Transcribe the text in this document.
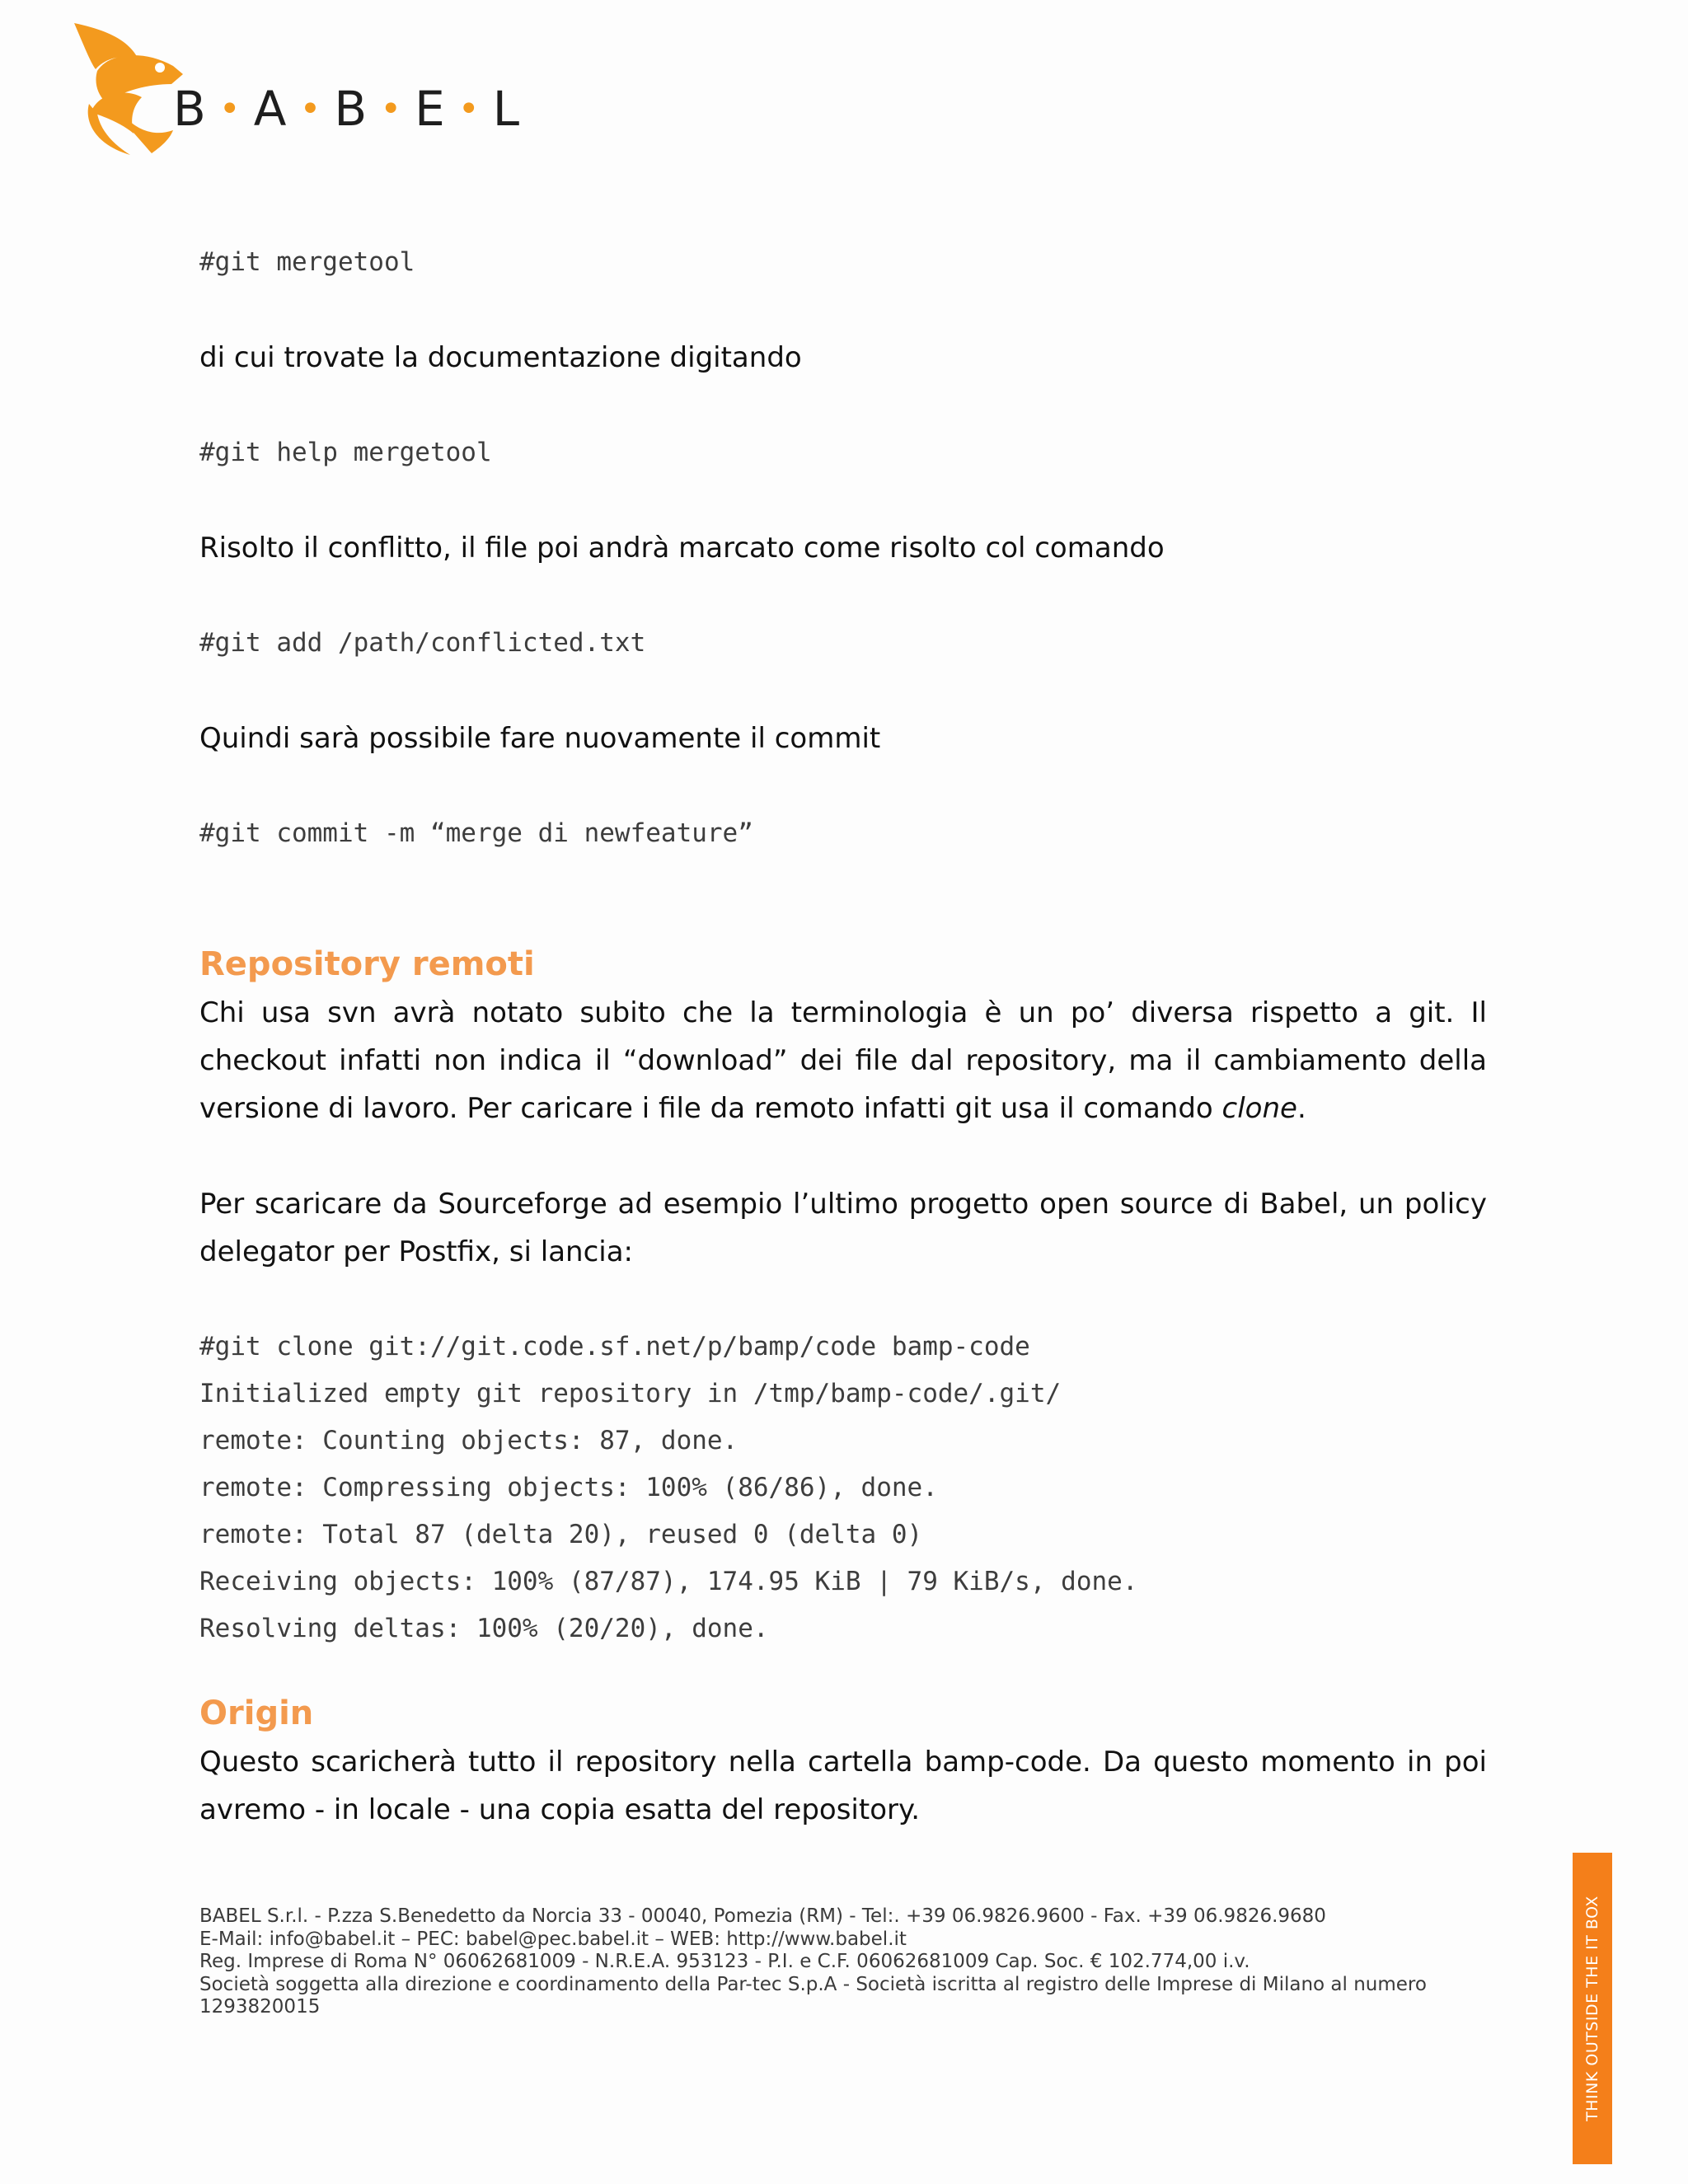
B • A • B • E • L
#git mergetool

di cui trovate la documentazione digitando

#git help mergetool

Risolto il conflitto, il file poi andrà marcato come risolto col comando

#git add /path/conflicted.txt

Quindi sarà possibile fare nuovamente il commit

#git commit -m “merge di newfeature”
Repository remoti

Chi usa svn avrà notato subito che la terminologia è un po’ diversa rispetto a git. Il checkout infatti non indica il “download” dei file dal repository, ma il cambiamento della versione di lavoro. Per caricare i file da remoto infatti git usa il comando clone.

Per scaricare da Sourceforge ad esempio l’ultimo progetto open source di Babel, un policy delegator per Postfix, si lancia:

#git clone git://git.code.sf.net/p/bamp/code bamp-code
Initialized empty git repository in /tmp/bamp-code/.git/
remote: Counting objects: 87, done.
remote: Compressing objects: 100% (86/86), done.
remote: Total 87 (delta 20), reused 0 (delta 0)
Receiving objects: 100% (87/87), 174.95 KiB | 79 KiB/s, done.
Resolving deltas: 100% (20/20), done.
Origin

Questo scaricherà tutto il repository nella cartella bamp-code. Da questo momento in poi avremo - in locale - una copia esatta del repository.

BABEL S.r.l. - P.zza S.Benedetto da Norcia 33 - 00040, Pomezia (RM) - Tel:. +39 06.9826.9600 - Fax. +39 06.9826.9680
E-Mail: info@babel.it – PEC: babel@pec.babel.it – WEB: http://www.babel.it
Reg. Imprese di Roma N° 06062681009 - N.R.E.A. 953123 - P.I. e C.F. 06062681009 Cap. Soc. € 102.774,00 i.v.
Società soggetta alla direzione e coordinamento della Par-tec S.p.A - Società iscritta al registro delle Imprese di Milano al numero
1293820015	THINK OUTSIDE THE IT BOX
